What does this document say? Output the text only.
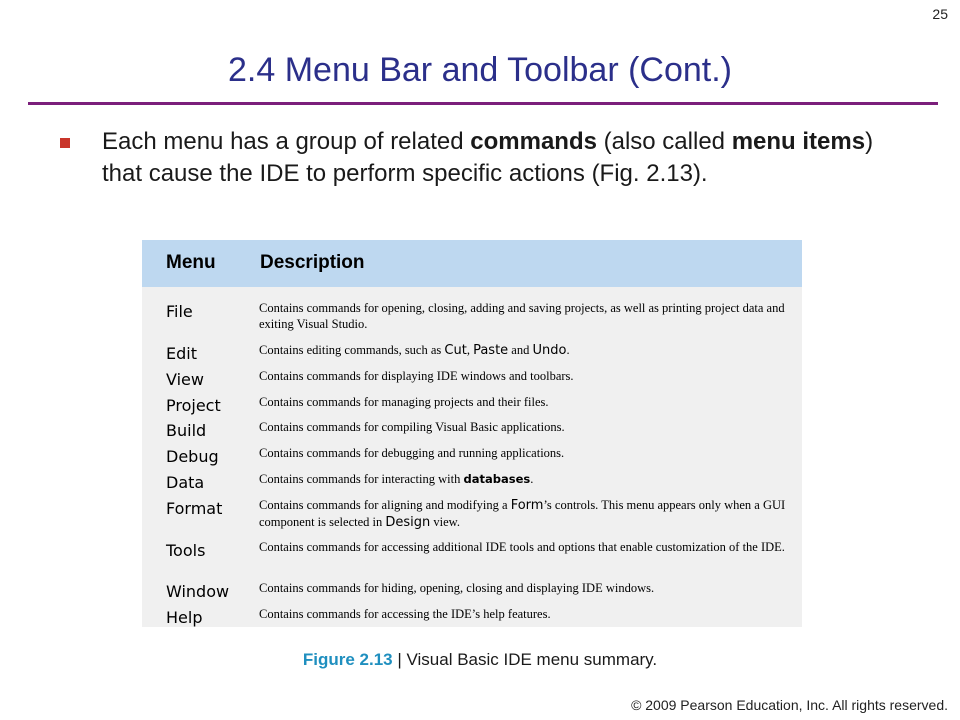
25
2.4 Menu Bar and Toolbar (Cont.)
Each menu has a group of related commands (also called menu items) that cause the IDE to perform specific actions (Fig. 2.13).
Menu Description
File	Contains commands for opening, closing, adding and saving projects, as well as printing project data and exiting Visual Studio.
Edit	Contains editing commands, such as Cut, Paste and Undo.
View	Contains commands for displaying IDE windows and toolbars.
Project	Contains commands for managing projects and their files.
Build	Contains commands for compiling Visual Basic applications.
Debug	Contains commands for debugging and running applications.
Data	Contains commands for interacting with databases.
Format	Contains commands for aligning and modifying a Form’s controls. This menu appears only when a GUI component is selected in Design view.
Tools	Contains commands for accessing additional IDE tools and options that enable customization of the IDE.
Window Contains commands for hiding, opening, closing and displaying IDE windows.
Help	Contains commands for accessing the IDE’s help features.
Figure 2.13 | Visual Basic IDE menu summary.
© 2009 Pearson Education, Inc. All rights reserved.
